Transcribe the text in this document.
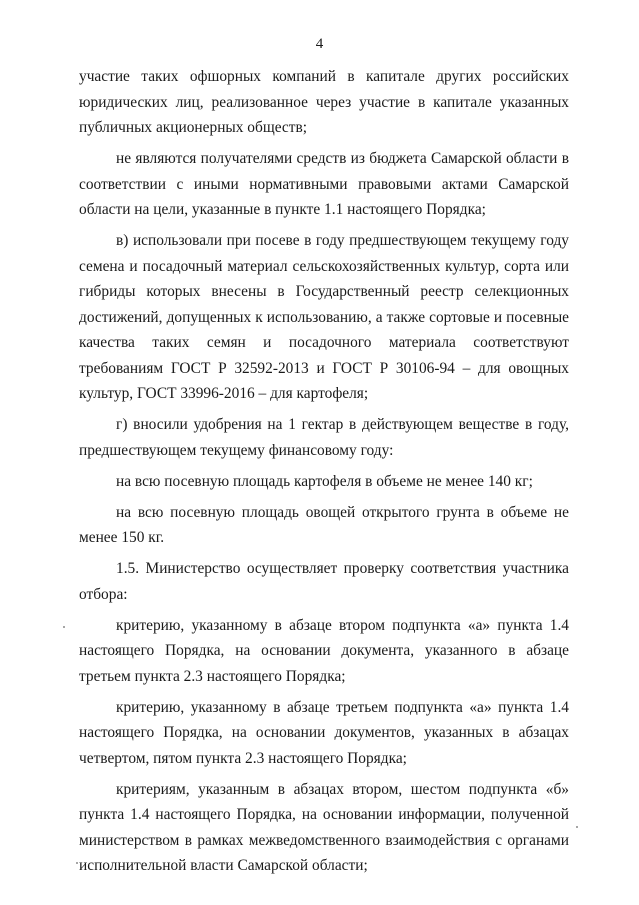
4

участие таких офшорных компаний в капитале других российских юридических лиц, реализованное через участие в капитале указанных публичных акционерных обществ;

не являются получателями средств из бюджета Самарской области в соответствии с иными нормативными правовыми актами Самарской области на цели, указанные в пункте 1.1 настоящего Порядка;

в) использовали при посеве в году предшествующем текущему году семена и посадочный материал сельскохозяйственных культур, сорта или гибриды которых внесены в Государственный реестр селекционных достижений, допущенных к использованию, а также сортовые и посевные качества таких семян и посадочного материала соответствуют требованиям ГОСТ Р 32592-2013 и ГОСТ Р 30106-94 – для овощных культур, ГОСТ 33996-2016 – для картофеля;

г) вносили удобрения на 1 гектар в действующем веществе в году, предшествующем текущему финансовому году:

на всю посевную площадь картофеля в объеме не менее 140 кг;

на всю посевную площадь овощей открытого грунта в объеме не менее 150 кг.

1.5. Министерство осуществляет проверку соответствия участника отбора:

критерию, указанному в абзаце втором подпункта «а» пункта 1.4 настоящего Порядка, на основании документа, указанного в абзаце третьем пункта 2.3 настоящего Порядка;

критерию, указанному в абзаце третьем подпункта «а» пункта 1.4 настоящего Порядка, на основании документов, указанных в абзацах четвертом, пятом пункта 2.3 настоящего Порядка;

критериям, указанным в абзацах втором, шестом подпункта «б» пункта 1.4 настоящего Порядка, на основании информации, полученной министерством в рамках межведомственного взаимодействия с органами исполнительной власти Самарской области;
